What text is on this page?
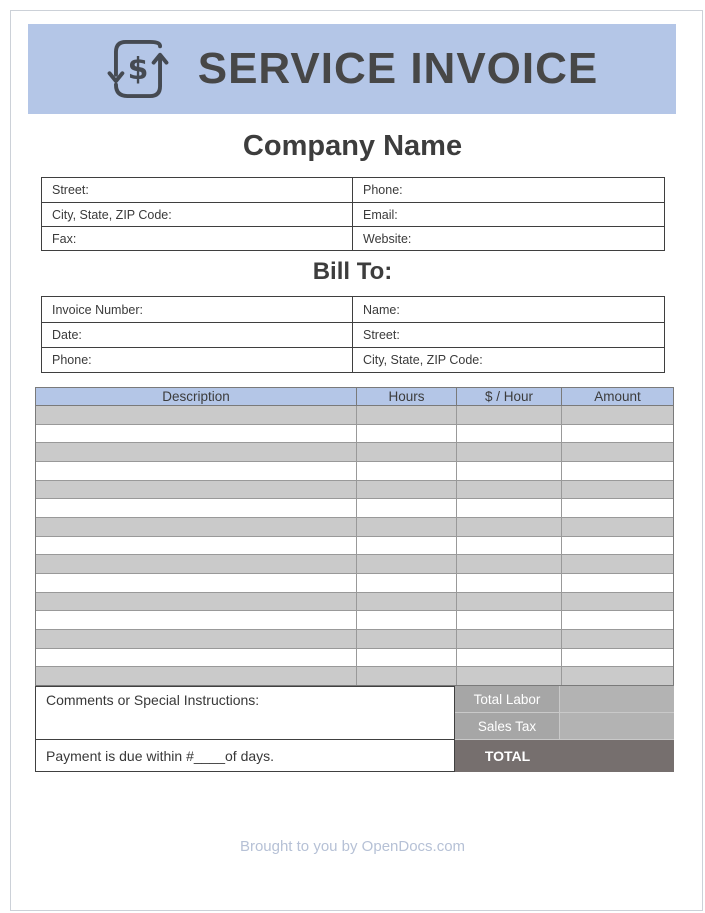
$ SERVICE INVOICE
Company Name
Street:	Phone:
City, State, ZIP Code:	Email:
Fax:	Website:
Bill To:
Invoice Number:	Name:
Date:	Street:
Phone:	City, State, ZIP Code:
Description	Hours	$ / Hour	Amount
Comments or Special Instructions:	Total Labor
Sales Tax
Payment is due within #____of days.	TOTAL
Brought to you by OpenDocs.com
